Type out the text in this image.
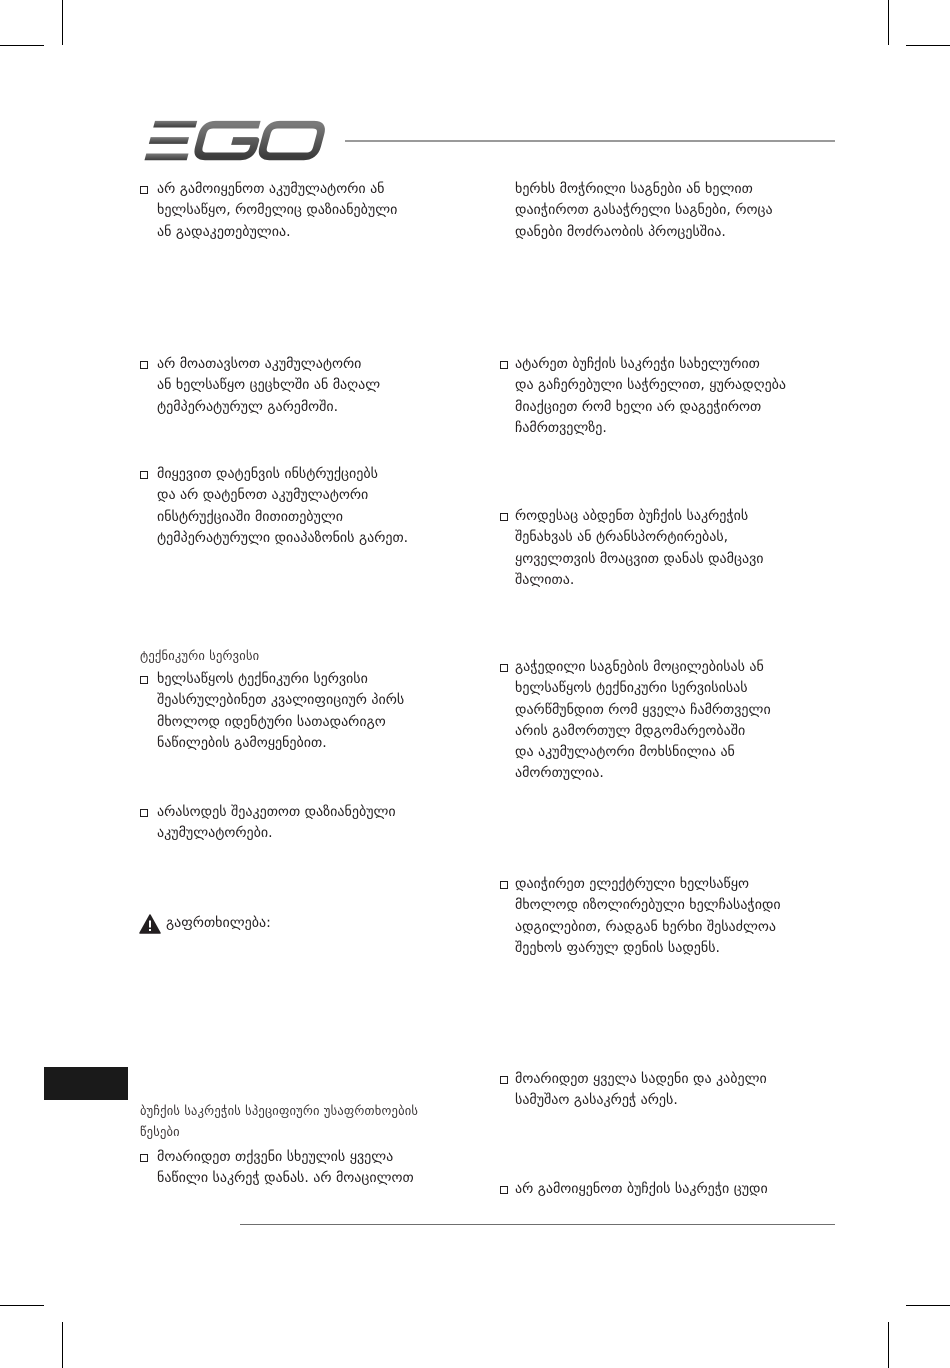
არ გამოიყენოთ აკუმულატორი ან
ხელსაწყო, რომელიც დაზიანებული
ან გადაკეთებულია.
არ მოათავსოთ აკუმულატორი
ან ხელსაწყო ცეცხლში ან მაღალ
ტემპერატურულ გარემოში.
მიყევით დატენვის ინსტრუქციებს
და არ დატენოთ აკუმულატორი
ინსტრუქციაში მითითებული
ტემპერატურული დიაპაზონის გარეთ.
ტექნიკური სერვისი
ხელსაწყოს ტექნიკური სერვისი
შეასრულებინეთ კვალიფიციურ პირს
მხოლოდ იდენტური სათადარიგო
ნაწილების გამოყენებით.
არასოდეს შეაკეთოთ დაზიანებული
აკუმულატორები.
გაფრთხილება:
ბუჩქის საკრეჭის სპეციფიური უსაფრთხოების
წესები
მოარიდეთ თქვენი სხეულის ყველა
ნაწილი საკრეჭ დანას. არ მოაცილოთ
ხერხს მოჭრილი საგნები ან ხელით
დაიჭიროთ გასაჭრელი საგნები, როცა
დანები მოძრაობის პროცესშია.
ატარეთ ბუჩქის საკრეჭი სახელურით
და გაჩერებული საჭრელით, ყურადღება
მიაქციეთ რომ ხელი არ დაგეჭიროთ
ჩამრთველზე.
როდესაც აბდენთ ბუჩქის საკრეჭის
შენახვას ან ტრანსპორტირებას,
ყოველთვის მოაცვით დანას დამცავი
შალითა.
გაჭედილი საგნების მოცილებისას ან
ხელსაწყოს ტექნიკური სერვისისას
დარწმუნდით რომ ყველა ჩამრთველი
არის გამორთულ მდგომარეობაში
და აკუმულატორი მოხსნილია ან
ამორთულია.
დაიჭირეთ ელექტრული ხელსაწყო
მხოლოდ იზოლირებული ხელჩასაჭიდი
ადგილებით, რადგან ხერხი შესაძლოა
შეეხოს ფარულ დენის სადენს.
მოარიდეთ ყველა სადენი და კაბელი
სამუშაო გასაკრეჭ არეს.
არ გამოიყენოთ ბუჩქის საკრეჭი ცუდი
